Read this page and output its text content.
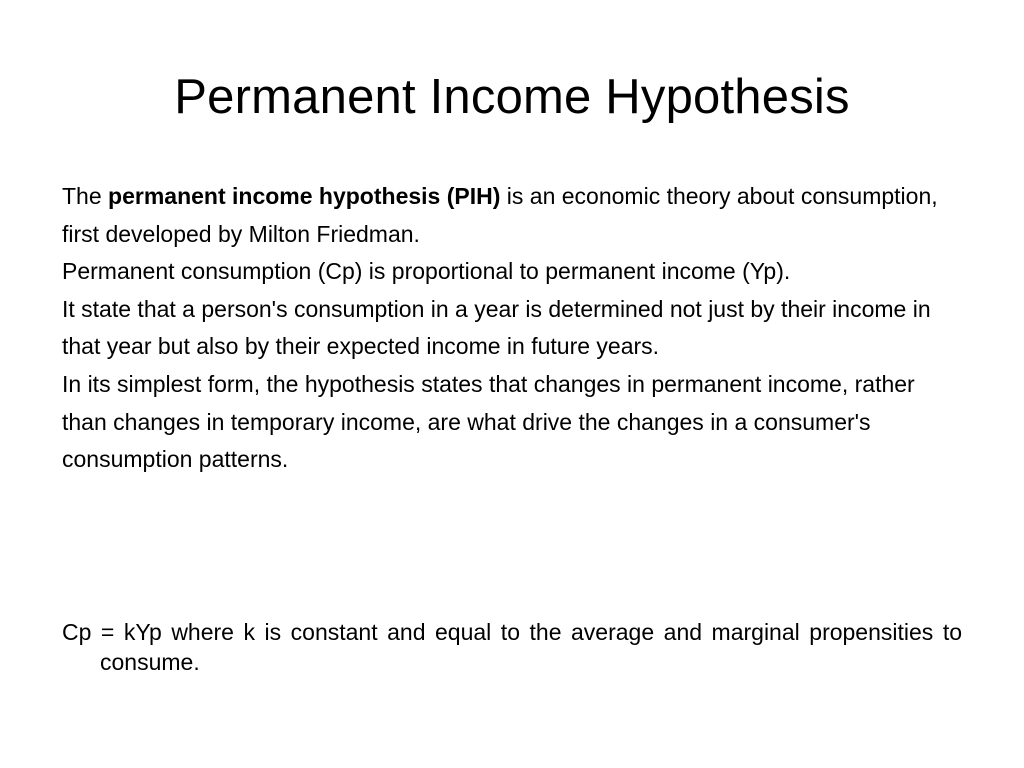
Permanent Income Hypothesis

The permanent income hypothesis (PIH) is an economic theory about consumption, first developed by Milton Friedman.

Permanent consumption (Cp) is proportional to permanent income (Yp).

It state that a person's consumption in a year is determined not just by their income in that year but also by their expected income in future years.

In its simplest form, the hypothesis states that changes in permanent income, rather than changes in temporary income, are what drive the changes in a consumer's consumption patterns.

Cp = kYp where k is constant and equal to the average and marginal propensities to consume.
